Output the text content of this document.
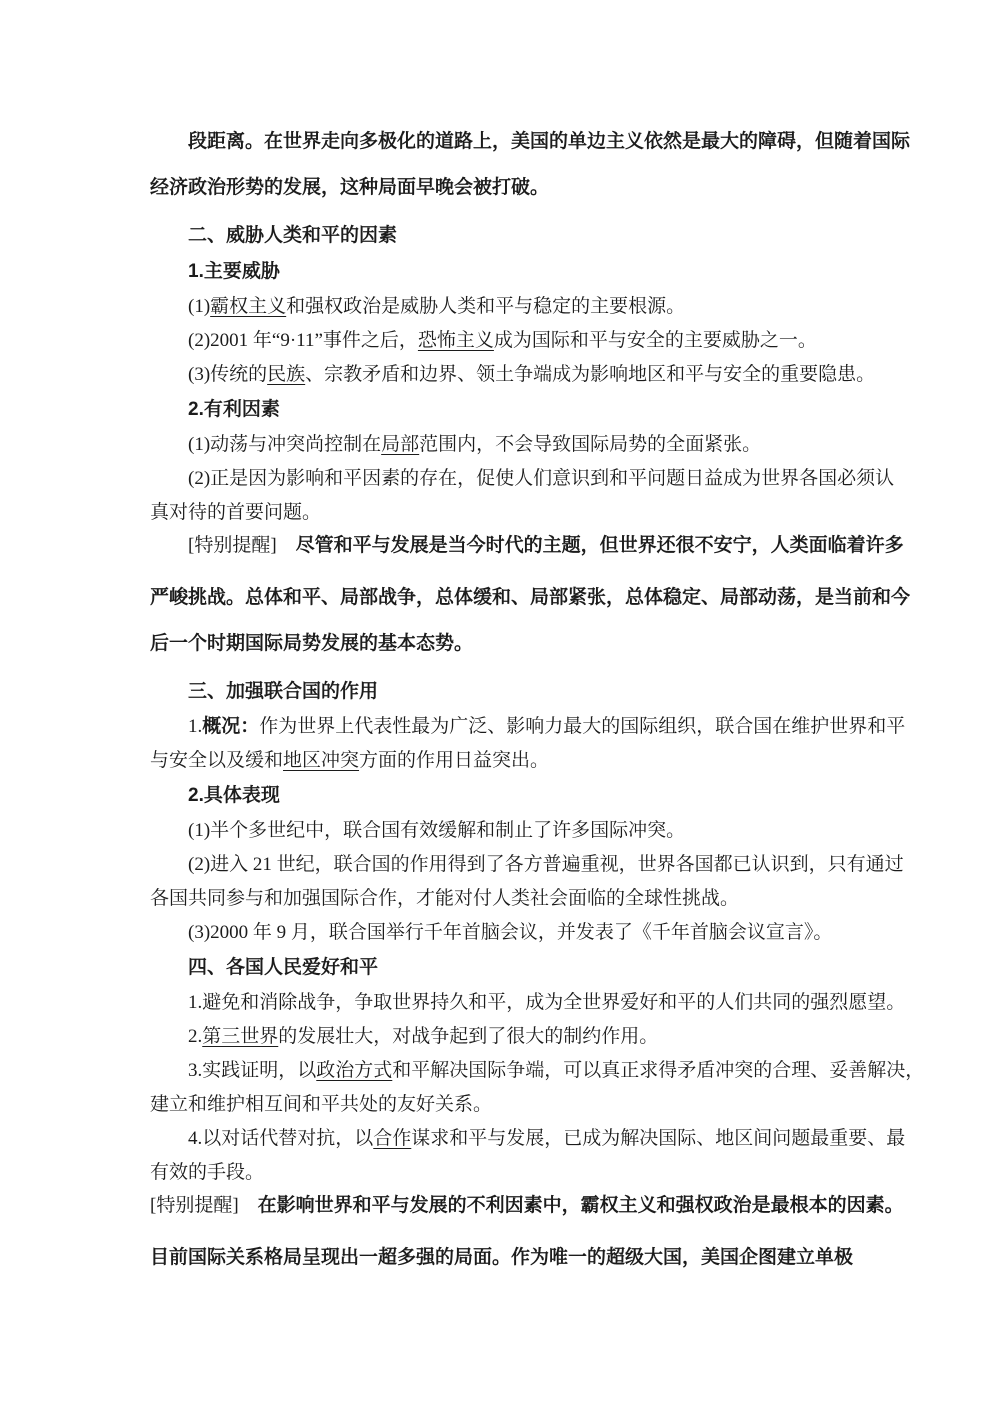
段距离。在世界走向多极化的道路上，美国的单边主义依然是最大的障碍，但随着国际
经济政治形势的发展，这种局面早晚会被打破。
二、威胁人类和平的因素
1.主要威胁
(1)霸权主义和强权政治是威胁人类和平与稳定的主要根源。
(2)2001 年“9·11”事件之后，恐怖主义成为国际和平与安全的主要威胁之一。
(3)传统的民族、宗教矛盾和边界、领土争端成为影响地区和平与安全的重要隐患。
2.有利因素
(1)动荡与冲突尚控制在局部范围内，不会导致国际局势的全面紧张。
(2)正是因为影响和平因素的存在，促使人们意识到和平问题日益成为世界各国必须认
真对待的首要问题。
[特别提醒]　尽管和平与发展是当今时代的主题，但世界还很不安宁，人类面临着许多
严峻挑战。总体和平、局部战争，总体缓和、局部紧张，总体稳定、局部动荡，是当前和今
后一个时期国际局势发展的基本态势。
三、加强联合国的作用
1.概况：作为世界上代表性最为广泛、影响力最大的国际组织，联合国在维护世界和平
与安全以及缓和地区冲突方面的作用日益突出。
2.具体表现
(1)半个多世纪中，联合国有效缓解和制止了许多国际冲突。
(2)进入 21 世纪，联合国的作用得到了各方普遍重视，世界各国都已认识到，只有通过
各国共同参与和加强国际合作，才能对付人类社会面临的全球性挑战。
(3)2000 年 9 月，联合国举行千年首脑会议，并发表了《千年首脑会议宣言》。
四、各国人民爱好和平
1.避免和消除战争，争取世界持久和平，成为全世界爱好和平的人们共同的强烈愿望。
2.第三世界的发展壮大，对战争起到了很大的制约作用。
3.实践证明，以政治方式和平解决国际争端，可以真正求得矛盾冲突的合理、妥善解决，
建立和维护相互间和平共处的友好关系。
4.以对话代替对抗，以合作谋求和平与发展，已成为解决国际、地区间问题最重要、最
有效的手段。
[特别提醒]　在影响世界和平与发展的不利因素中，霸权主义和强权政治是最根本的因素。
目前国际关系格局呈现出一超多强的局面。作为唯一的超级大国，美国企图建立单极
